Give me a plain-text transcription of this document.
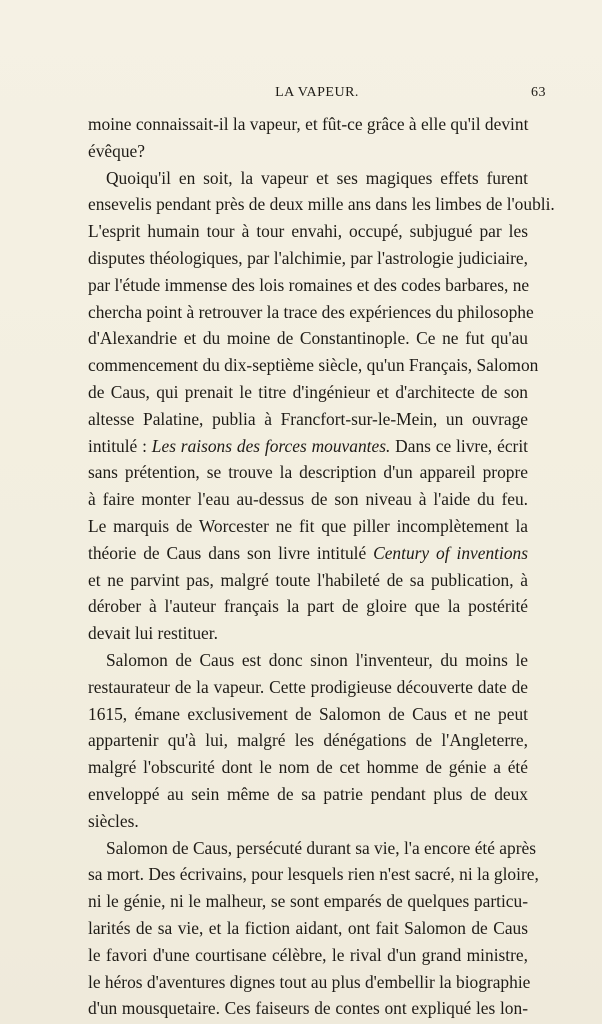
LA VAPEUR.	63

moine connaissait-il la vapeur, et fût-ce grâce à elle qu'il devint
évêque?

Quoiqu'il en soit, la vapeur et ses magiques effets furent
ensevelis pendant près de deux mille ans dans les limbes de l'oubli.
L'esprit humain tour à tour envahi, occupé, subjugué par les
disputes théologiques, par l'alchimie, par l'astrologie judiciaire,
par l'étude immense des lois romaines et des codes barbares, ne
chercha point à retrouver la trace des expériences du philosophe
d'Alexandrie et du moine de Constantinople. Ce ne fut qu'au
commencement du dix-septième siècle, qu'un Français, Salomon
de Caus, qui prenait le titre d'ingénieur et d'architecte de son
altesse Palatine, publia à Francfort-sur-le-Mein, un ouvrage
intitulé : Les raisons des forces mouvantes. Dans ce livre, écrit
sans prétention, se trouve la description d'un appareil propre
à faire monter l'eau au-dessus de son niveau à l'aide du feu.
Le marquis de Worcester ne fit que piller incomplètement la
théorie de Caus dans son livre intitulé Century of inventions
et ne parvint pas, malgré toute l'habileté de sa publication, à
dérober à l'auteur français la part de gloire que la postérité
devait lui restituer.

Salomon de Caus est donc sinon l'inventeur, du moins le
restaurateur de la vapeur. Cette prodigieuse découverte date de
1615, émane exclusivement de Salomon de Caus et ne peut
appartenir qu'à lui, malgré les dénégations de l'Angleterre,
malgré l'obscurité dont le nom de cet homme de génie a été
enveloppé au sein même de sa patrie pendant plus de deux
siècles.

Salomon de Caus, persécuté durant sa vie, l'a encore été après
sa mort. Des écrivains, pour lesquels rien n'est sacré, ni la gloire,
ni le génie, ni le malheur, se sont emparés de quelques particu-
larités de sa vie, et la fiction aidant, ont fait Salomon de Caus
le favori d'une courtisane célèbre, le rival d'un grand ministre,
le héros d'aventures dignes tout au plus d'embellir la biographie
d'un mousquetaire. Ces faiseurs de contes ont expliqué les lon-
